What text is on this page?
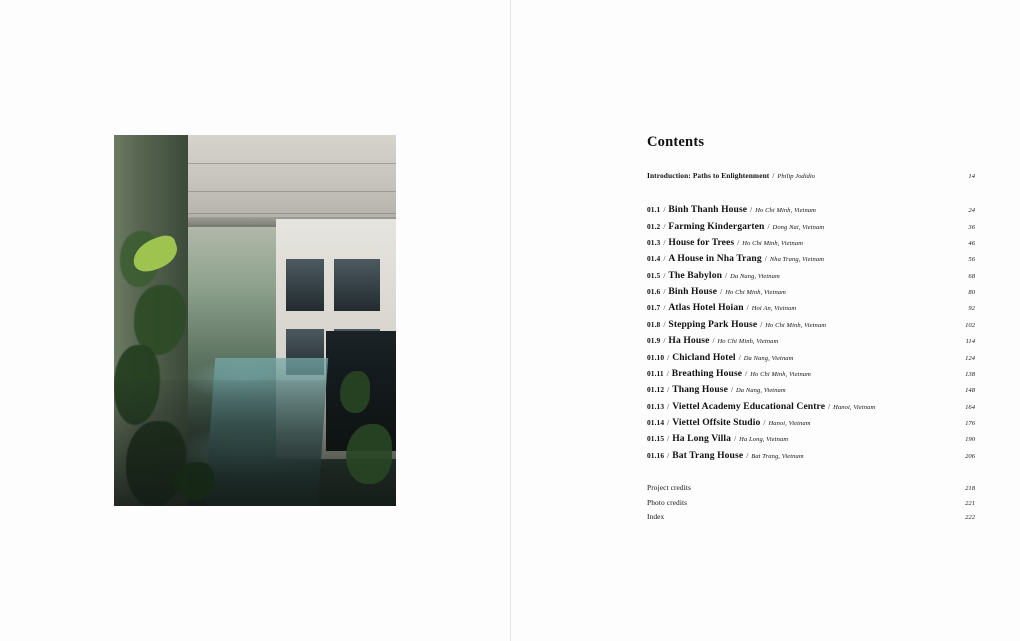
Contents
Introduction: Paths to Enlightenment / Philip Jodidio	14
01.1 / Binh Thanh House / Ho Chi Minh, Vietnam	24
01.2 / Farming Kindergarten / Dong Nai, Vietnam	36
01.3 / House for Trees / Ho Chi Minh, Vietnam	46
01.4 / A House in Nha Trang / Nha Trang, Vietnam	56
01.5 / The Babylon / Da Nang, Vietnam	68
01.6 / Binh House / Ho Chi Minh, Vietnam	80
01.7 / Atlas Hotel Hoian / Hoi An, Vietnam	92
01.8 / Stepping Park House / Ho Chi Minh, Vietnam	102
01.9 / Ha House / Ho Chi Minh, Vietnam	114
01.10 / Chicland Hotel / Da Nang, Vietnam	124
01.11 / Breathing House / Ho Chi Minh, Vietnam	138
01.12 / Thang House / Da Nang, Vietnam	148
01.13 / Viettel Academy Educational Centre / Hanoi, Vietnam	164
01.14 / Viettel Offsite Studio / Hanoi, Vietnam	176
01.15 / Ha Long Villa / Ha Long, Vietnam	190
01.16 / Bat Trang House / Bat Trang, Vietnam	206
Project credits	218
Photo credits	221
Index	222
